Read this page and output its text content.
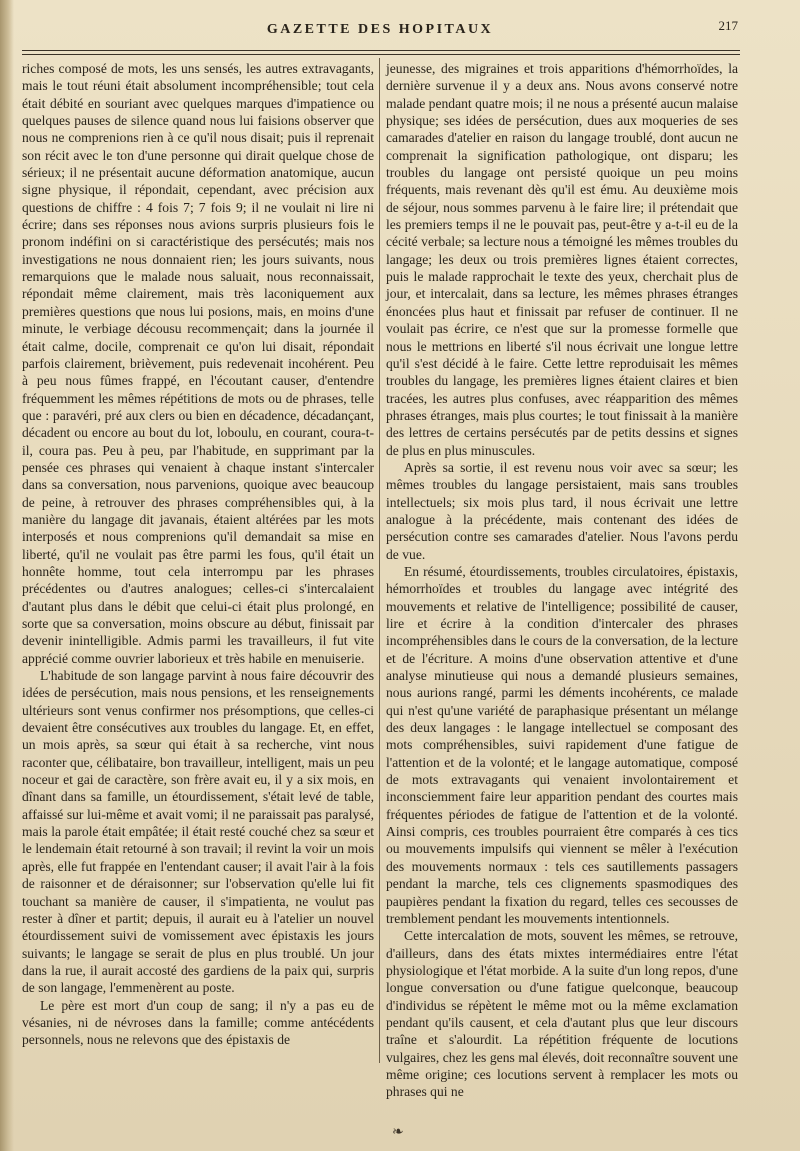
GAZETTE DES HOPITAUX	217

riches composé de mots, les uns sensés, les autres extravagants, mais le tout réuni était absolument incompréhensible; tout cela était débité en souriant avec quelques marques d'impatience ou quelques pauses de silence quand nous lui faisions observer que nous ne comprenions rien à ce qu'il nous disait; puis il reprenait son récit avec le ton d'une personne qui dirait quelque chose de sérieux; il ne présentait aucune déformation anatomique, aucun signe physique, il répondait, cependant, avec précision aux questions de chiffre : 4 fois 7; 7 fois 9; il ne voulait ni lire ni écrire; dans ses réponses nous avions surpris plusieurs fois le pronom indéfini on si caractéristique des persécutés; mais nos investigations ne nous donnaient rien; les jours suivants, nous remarquions que le malade nous saluait, nous reconnaissait, répondait même clairement, mais très laconiquement aux premières questions que nous lui posions, mais, en moins d'une minute, le verbiage décousu recommençait; dans la journée il était calme, docile, comprenait ce qu'on lui disait, répondait parfois clairement, brièvement, puis redevenait incohérent. Peu à peu nous fûmes frappé, en l'écoutant causer, d'entendre fréquemment les mêmes répétitions de mots ou de phrases, telle que : paravéri, pré aux clers ou bien en décadence, décadançant, décadent ou encore au bout du lot, loboulu, en courant, coura-t-il, coura pas. Peu à peu, par l'habitude, en supprimant par la pensée ces phrases qui venaient à chaque instant s'intercaler dans sa conversation, nous parvenions, quoique avec beaucoup de peine, à retrouver des phrases compréhensibles qui, à la manière du langage dit javanais, étaient altérées par les mots interposés et nous comprenions qu'il demandait sa mise en liberté, qu'il ne voulait pas être parmi les fous, qu'il était un honnête homme, tout cela interrompu par les phrases précédentes ou d'autres analogues; celles-ci s'intercalaient d'autant plus dans le débit que celui-ci était plus prolongé, en sorte que sa conversation, moins obscure au début, finissait par devenir inintelligible. Admis parmi les travailleurs, il fut vite apprécié comme ouvrier laborieux et très habile en menuiserie.

L'habitude de son langage parvint à nous faire découvrir des idées de persécution, mais nous pensions, et les renseignements ultérieurs sont venus confirmer nos présomptions, que celles-ci devaient être consécutives aux troubles du langage. Et, en effet, un mois après, sa sœur qui était à sa recherche, vint nous raconter que, célibataire, bon travailleur, intelligent, mais un peu noceur et gai de caractère, son frère avait eu, il y a six mois, en dînant dans sa famille, un étourdissement, s'était levé de table, affaissé sur lui-même et avait vomi; il ne paraissait pas paralysé, mais la parole était empâtée; il était resté couché chez sa sœur et le lendemain était retourné à son travail; il revint la voir un mois après, elle fut frappée en l'entendant causer; il avait l'air à la fois de raisonner et de déraisonner; sur l'observation qu'elle lui fit touchant sa manière de causer, il s'impatienta, ne voulut pas rester à dîner et partit; depuis, il aurait eu à l'atelier un nouvel étourdissement suivi de vomissement avec épistaxis les jours suivants; le langage se serait de plus en plus troublé. Un jour dans la rue, il aurait accosté des gardiens de la paix qui, surpris de son langage, l'emmenèrent au poste.

Le père est mort d'un coup de sang; il n'y a pas eu de vésanies, ni de névroses dans la famille; comme antécédents personnels, nous ne relevons que des épistaxis de

jeunesse, des migraines et trois apparitions d'hémorrhoïdes, la dernière survenue il y a deux ans. Nous avons conservé notre malade pendant quatre mois; il ne nous a présenté aucun malaise physique; ses idées de persécution, dues aux moqueries de ses camarades d'atelier en raison du langage troublé, dont aucun ne comprenait la signification pathologique, ont disparu; les troubles du langage ont persisté quoique un peu moins fréquents, mais revenant dès qu'il est ému. Au deuxième mois de séjour, nous sommes parvenu à le faire lire; il prétendait que les premiers temps il ne le pouvait pas, peut-être y a-t-il eu de la cécité verbale; sa lecture nous a témoigné les mêmes troubles du langage; les deux ou trois premières lignes étaient correctes, puis le malade rapprochait le texte des yeux, cherchait plus de jour, et intercalait, dans sa lecture, les mêmes phrases étranges énoncées plus haut et finissait par refuser de continuer. Il ne voulait pas écrire, ce n'est que sur la promesse formelle que nous le mettrions en liberté s'il nous écrivait une longue lettre qu'il s'est décidé à le faire. Cette lettre reproduisait les mêmes troubles du langage, les premières lignes étaient claires et bien tracées, les autres plus confuses, avec réapparition des mêmes phrases étranges, mais plus courtes; le tout finissait à la manière des lettres de certains persécutés par de petits dessins et signes de plus en plus minuscules.

Après sa sortie, il est revenu nous voir avec sa sœur; les mêmes troubles du langage persistaient, mais sans troubles intellectuels; six mois plus tard, il nous écrivait une lettre analogue à la précédente, mais contenant des idées de persécution contre ses camarades d'atelier. Nous l'avons perdu de vue.

En résumé, étourdissements, troubles circulatoires, épistaxis, hémorrhoïdes et troubles du langage avec intégrité des mouvements et relative de l'intelligence; possibilité de causer, lire et écrire à la condition d'intercaler des phrases incompréhensibles dans le cours de la conversation, de la lecture et de l'écriture. A moins d'une observation attentive et d'une analyse minutieuse qui nous a demandé plusieurs semaines, nous aurions rangé, parmi les déments incohérents, ce malade qui n'est qu'une variété de paraphasique présentant un mélange des deux langages : le langage intellectuel se composant des mots compréhensibles, suivi rapidement d'une fatigue de l'attention et de la volonté; et le langage automatique, composé de mots extravagants qui venaient involontairement et inconsciemment faire leur apparition pendant des courtes mais fréquentes périodes de fatigue de l'attention et de la volonté. Ainsi compris, ces troubles pourraient être comparés à ces tics ou mouvements impulsifs qui viennent se mêler à l'exécution des mouvements normaux : tels ces sautillements passagers pendant la marche, tels ces clignements spasmodiques des paupières pendant la fixation du regard, telles ces secousses de tremblement pendant les mouvements intentionnels.

Cette intercalation de mots, souvent les mêmes, se retrouve, d'ailleurs, dans des états mixtes intermédiaires entre l'état physiologique et l'état morbide. A la suite d'un long repos, d'une longue conversation ou d'une fatigue quelconque, beaucoup d'individus se répètent le même mot ou la même exclamation pendant qu'ils causent, et cela d'autant plus que leur discours traîne et s'alourdit. La répétition fréquente de locutions vulgaires, chez les gens mal élevés, doit reconnaître souvent une même origine; ces locutions servent à remplacer les mots ou phrases qui ne

❧
